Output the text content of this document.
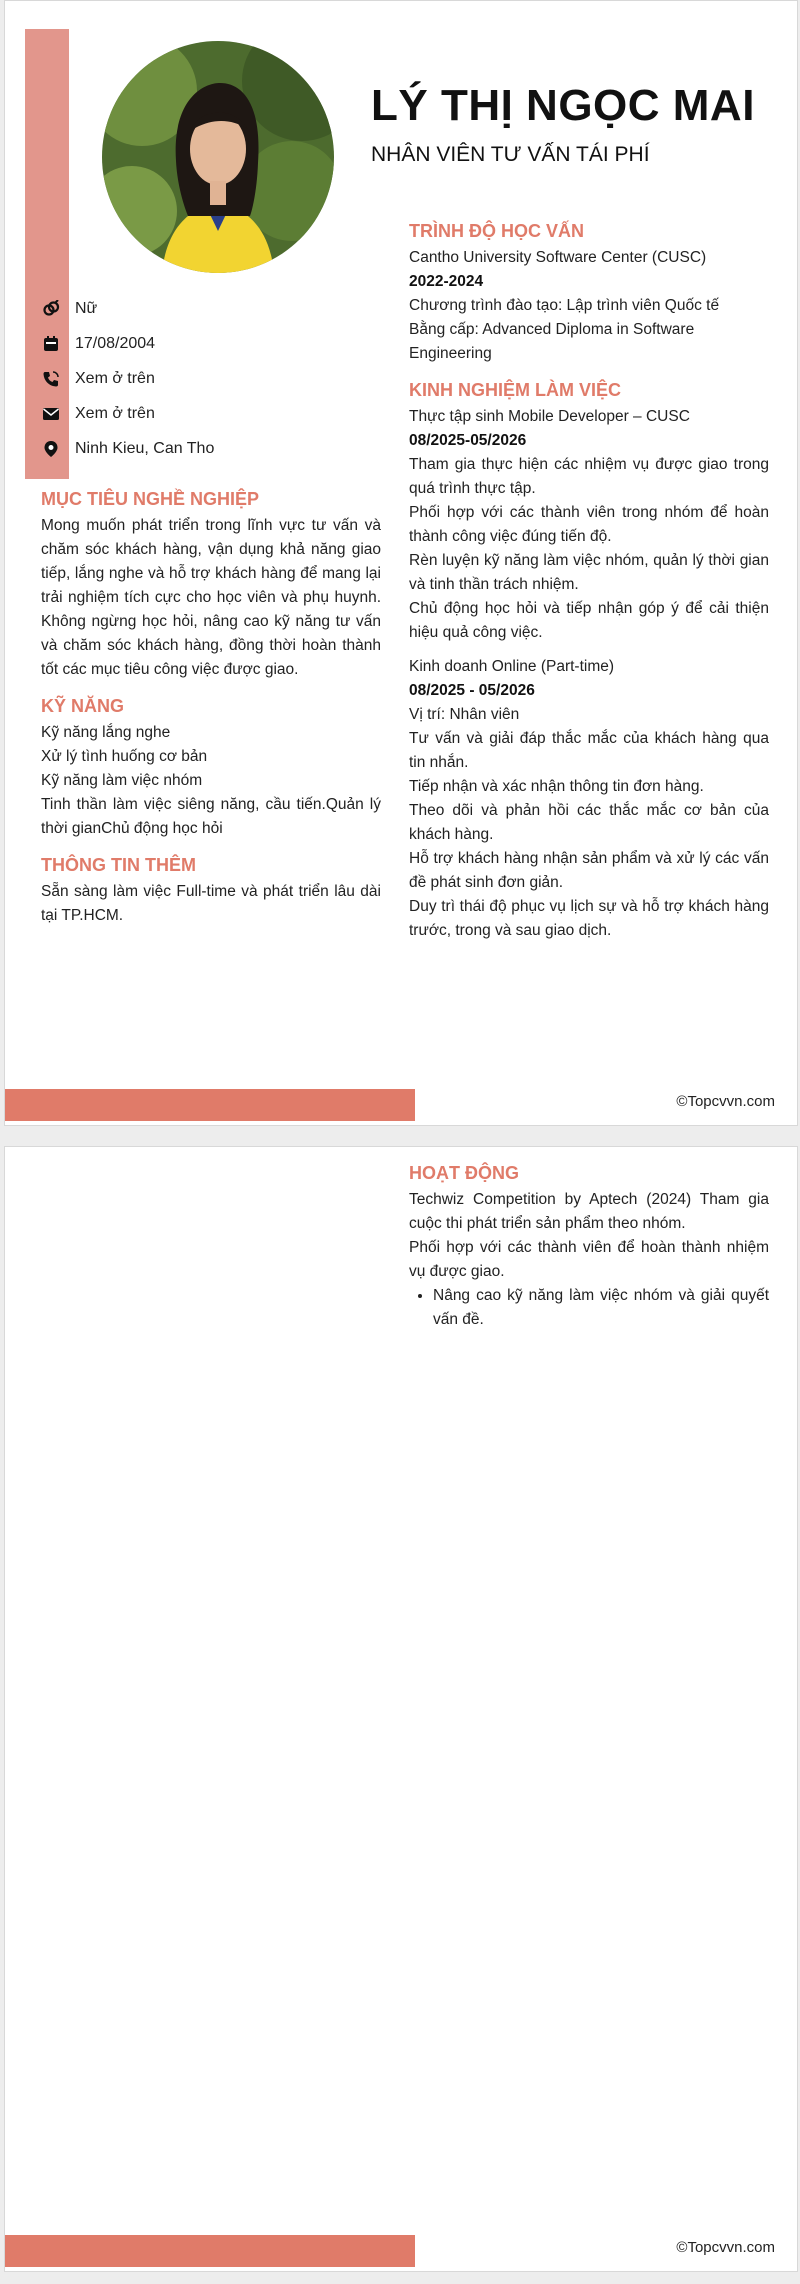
LÝ THỊ NGỌC MAI
NHÂN VIÊN TƯ VẤN TÁI PHÍ
Nữ
17/08/2004
Xem ở trên
Xem ở trên
Ninh Kieu, Can Tho
MỤC TIÊU NGHỀ NGHIỆP
Mong muốn phát triển trong lĩnh vực tư vấn và chăm sóc khách hàng, vận dụng khả năng giao tiếp, lắng nghe và hỗ trợ khách hàng để mang lại trải nghiệm tích cực cho học viên và phụ huynh. Không ngừng học hỏi, nâng cao kỹ năng tư vấn và chăm sóc khách hàng, đồng thời hoàn thành tốt các mục tiêu công việc được giao.
KỸ NĂNG
Kỹ năng lắng nghe
Xử lý tình huống cơ bản
Kỹ năng làm việc nhóm
Tinh thần làm việc siêng năng, cầu tiến.Quản lý thời gianChủ động học hỏi
THÔNG TIN THÊM
Sẵn sàng làm việc Full-time và phát triển lâu dài tại TP.HCM.
TRÌNH ĐỘ HỌC VẤN
Cantho University Software Center (CUSC)
2022-2024
Chương trình đào tạo: Lập trình viên Quốc tế
Bằng cấp: Advanced Diploma in Software Engineering
KINH NGHIỆM LÀM VIỆC
Thực tập sinh Mobile Developer – CUSC
08/2025-05/2026
Tham gia thực hiện các nhiệm vụ được giao trong quá trình thực tập.
Phối hợp với các thành viên trong nhóm để hoàn thành công việc đúng tiến độ.
Rèn luyện kỹ năng làm việc nhóm, quản lý thời gian và tinh thần trách nhiệm.
Chủ động học hỏi và tiếp nhận góp ý để cải thiện hiệu quả công việc.
Kinh doanh Online (Part-time)
08/2025 - 05/2026
Vị trí: Nhân viên
Tư vấn và giải đáp thắc mắc của khách hàng qua tin nhắn.
Tiếp nhận và xác nhận thông tin đơn hàng.
Theo dõi và phản hồi các thắc mắc cơ bản của khách hàng.
Hỗ trợ khách hàng nhận sản phẩm và xử lý các vấn đề phát sinh đơn giản.
Duy trì thái độ phục vụ lịch sự và hỗ trợ khách hàng trước, trong và sau giao dịch.
©Topcvvn.com
HOẠT ĐỘNG
Techwiz Competition by Aptech (2024) Tham gia cuộc thi phát triển sản phẩm theo nhóm.
Phối hợp với các thành viên để hoàn thành nhiệm vụ được giao.
• Nâng cao kỹ năng làm việc nhóm và giải quyết vấn đề.
©Topcvvn.com
